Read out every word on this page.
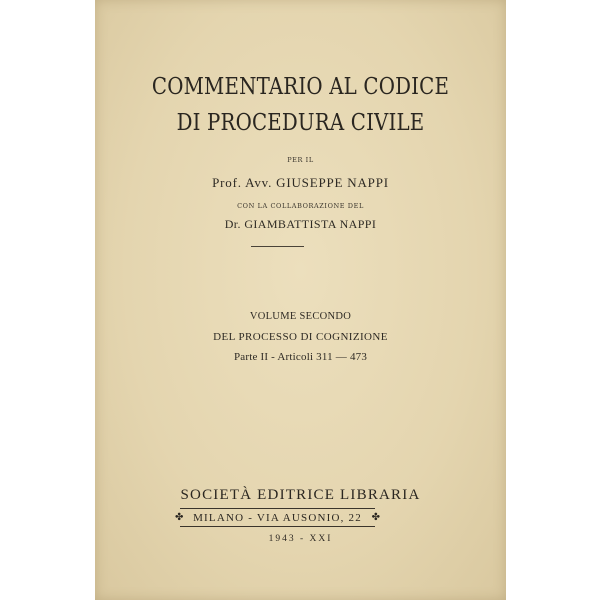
COMMENTARIO AL CODICE
DI PROCEDURA CIVILE
PER IL
Prof. Avv. GIUSEPPE NAPPI
CON LA COLLABORAZIONE DEL
Dr. GIAMBATTISTA NAPPI
VOLUME SECONDO
DEL PROCESSO DI COGNIZIONE
Parte II - Articoli 311 — 473
SOCIETÀ EDITRICE LIBRARIA
✤ MILANO - VIA AUSONIO, 22 ✤
1943 - XXI
